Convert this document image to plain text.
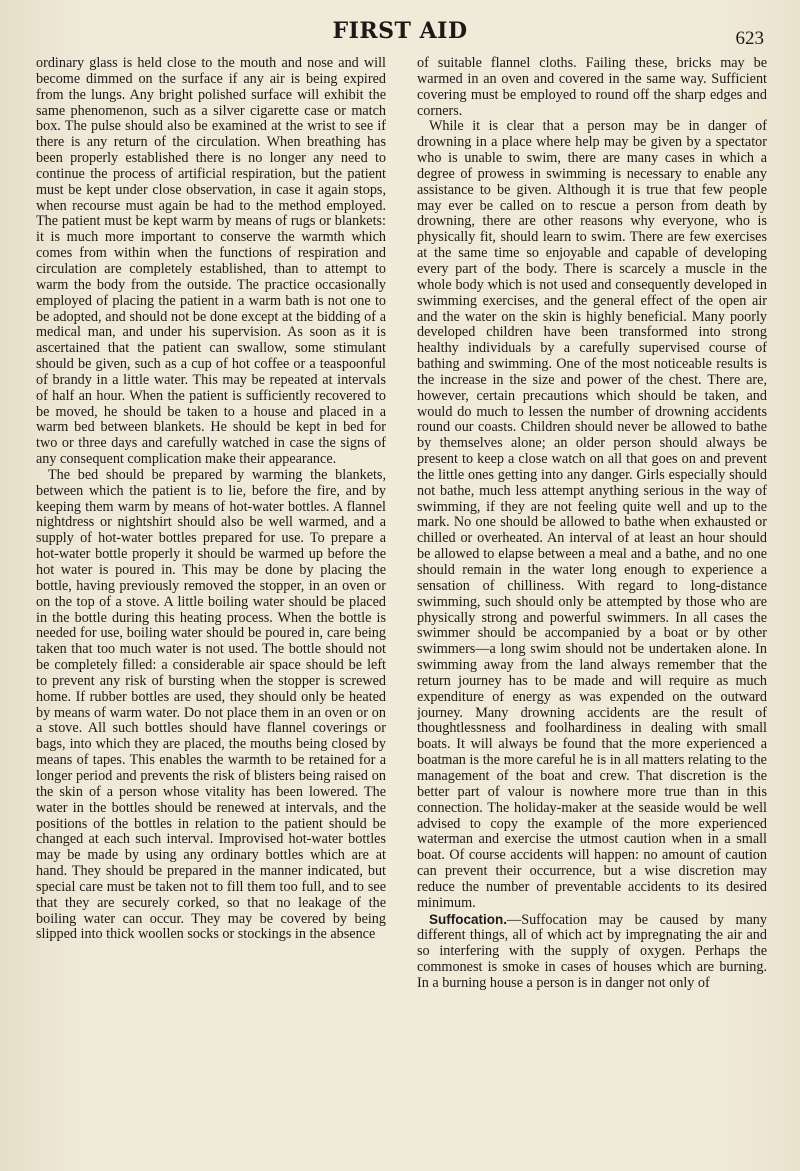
FIRST AID	623

ordinary glass is held close to the mouth and nose and will become dimmed on the surface if any air is being expired from the lungs. Any bright polished surface will exhibit the same phenomenon, such as a silver cigarette case or match box. The pulse should also be examined at the wrist to see if there is any return of the circulation. When breathing has been properly established there is no longer any need to continue the process of artificial respiration, but the patient must be kept under close observation, in case it again stops, when recourse must again be had to the method employed. The patient must be kept warm by means of rugs or blankets: it is much more important to conserve the warmth which comes from within when the functions of respiration and circulation are completely established, than to attempt to warm the body from the outside. The practice occasionally employed of placing the patient in a warm bath is not one to be adopted, and should not be done except at the bidding of a medical man, and under his supervision. As soon as it is ascertained that the patient can swallow, some stimulant should be given, such as a cup of hot coffee or a teaspoonful of brandy in a little water. This may be repeated at intervals of half an hour. When the patient is sufficiently recovered to be moved, he should be taken to a house and placed in a warm bed between blankets. He should be kept in bed for two or three days and carefully watched in case the signs of any consequent complication make their appearance.

The bed should be prepared by warming the blankets, between which the patient is to lie, before the fire, and by keeping them warm by means of hot-water bottles. A flannel nightdress or nightshirt should also be well warmed, and a supply of hot-water bottles prepared for use. To prepare a hot-water bottle properly it should be warmed up before the hot water is poured in. This may be done by placing the bottle, having previously removed the stopper, in an oven or on the top of a stove. A little boiling water should be placed in the bottle during this heating process. When the bottle is needed for use, boiling water should be poured in, care being taken that too much water is not used. The bottle should not be completely filled: a considerable air space should be left to prevent any risk of bursting when the stopper is screwed home. If rubber bottles are used, they should only be heated by means of warm water. Do not place them in an oven or on a stove. All such bottles should have flannel coverings or bags, into which they are placed, the mouths being closed by means of tapes. This enables the warmth to be retained for a longer period and prevents the risk of blisters being raised on the skin of a person whose vitality has been lowered. The water in the bottles should be renewed at intervals, and the positions of the bottles in relation to the patient should be changed at each such interval. Improvised hot-water bottles may be made by using any ordinary bottles which are at hand. They should be prepared in the manner indicated, but special care must be taken not to fill them too full, and to see that they are securely corked, so that no leakage of the boiling water can occur. They may be covered by being slipped into thick woollen socks or stockings in the absence

of suitable flannel cloths. Failing these, bricks may be warmed in an oven and covered in the same way. Sufficient covering must be employed to round off the sharp edges and corners.

While it is clear that a person may be in danger of drowning in a place where help may be given by a spectator who is unable to swim, there are many cases in which a degree of prowess in swimming is necessary to enable any assistance to be given. Although it is true that few people may ever be called on to rescue a person from death by drowning, there are other reasons why everyone, who is physically fit, should learn to swim. There are few exercises at the same time so enjoyable and capable of developing every part of the body. There is scarcely a muscle in the whole body which is not used and consequently developed in swimming exercises, and the general effect of the open air and the water on the skin is highly beneficial. Many poorly developed children have been transformed into strong healthy individuals by a carefully supervised course of bathing and swimming. One of the most noticeable results is the increase in the size and power of the chest. There are, however, certain precautions which should be taken, and would do much to lessen the number of drowning accidents round our coasts. Children should never be allowed to bathe by themselves alone; an older person should always be present to keep a close watch on all that goes on and prevent the little ones getting into any danger. Girls especially should not bathe, much less attempt anything serious in the way of swimming, if they are not feeling quite well and up to the mark. No one should be allowed to bathe when exhausted or chilled or overheated. An interval of at least an hour should be allowed to elapse between a meal and a bathe, and no one should remain in the water long enough to experience a sensation of chilliness. With regard to long-distance swimming, such should only be attempted by those who are physically strong and powerful swimmers. In all cases the swimmer should be accompanied by a boat or by other swimmers—a long swim should not be undertaken alone. In swimming away from the land always remember that the return journey has to be made and will require as much expenditure of energy as was expended on the outward journey. Many drowning accidents are the result of thoughtlessness and foolhardiness in dealing with small boats. It will always be found that the more experienced a boatman is the more careful he is in all matters relating to the management of the boat and crew. That discretion is the better part of valour is nowhere more true than in this connection. The holiday-maker at the seaside would be well advised to copy the example of the more experienced waterman and exercise the utmost caution when in a small boat. Of course accidents will happen: no amount of caution can prevent their occurrence, but a wise discretion may reduce the number of preventable accidents to its desired minimum.

Suffocation.—Suffocation may be caused by many different things, all of which act by impregnating the air and so interfering with the supply of oxygen. Perhaps the commonest is smoke in cases of houses which are burning. In a burning house a person is in danger not only of
